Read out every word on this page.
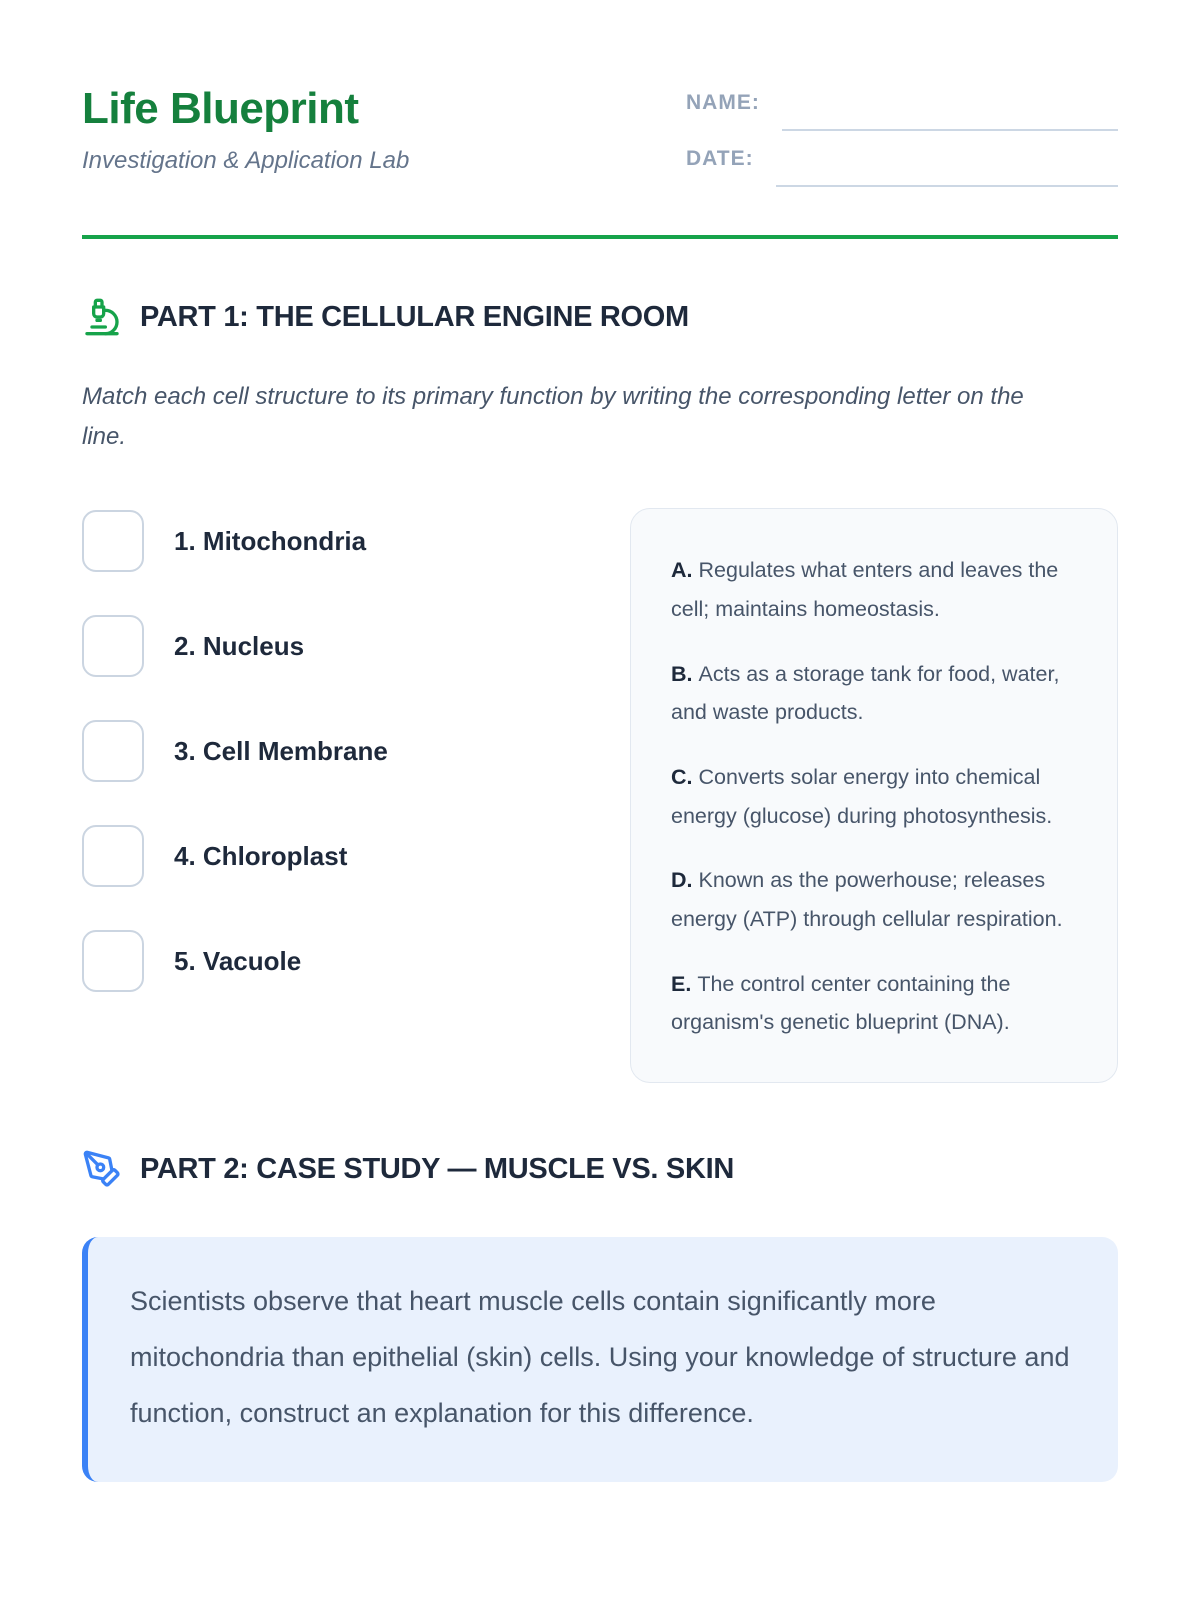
Life Blueprint
Investigation & Application Lab
NAME:
DATE:
PART 1: THE CELLULAR ENGINE ROOM

Match each cell structure to its primary function by writing the corresponding letter on the line.

1. Mitochondria
2. Nucleus
3. Cell Membrane
4. Chloroplast
5. Vacuole

A. Regulates what enters and leaves the cell; maintains homeostasis.

B. Acts as a storage tank for food, water, and waste products.

C. Converts solar energy into chemical energy (glucose) during photosynthesis.

D. Known as the powerhouse; releases energy (ATP) through cellular respiration.

E. The control center containing the organism's genetic blueprint (DNA).

PART 2: CASE STUDY — MUSCLE VS. SKIN

Scientists observe that heart muscle cells contain significantly more mitochondria than epithelial (skin) cells. Using your knowledge of structure and function, construct an explanation for this difference.
